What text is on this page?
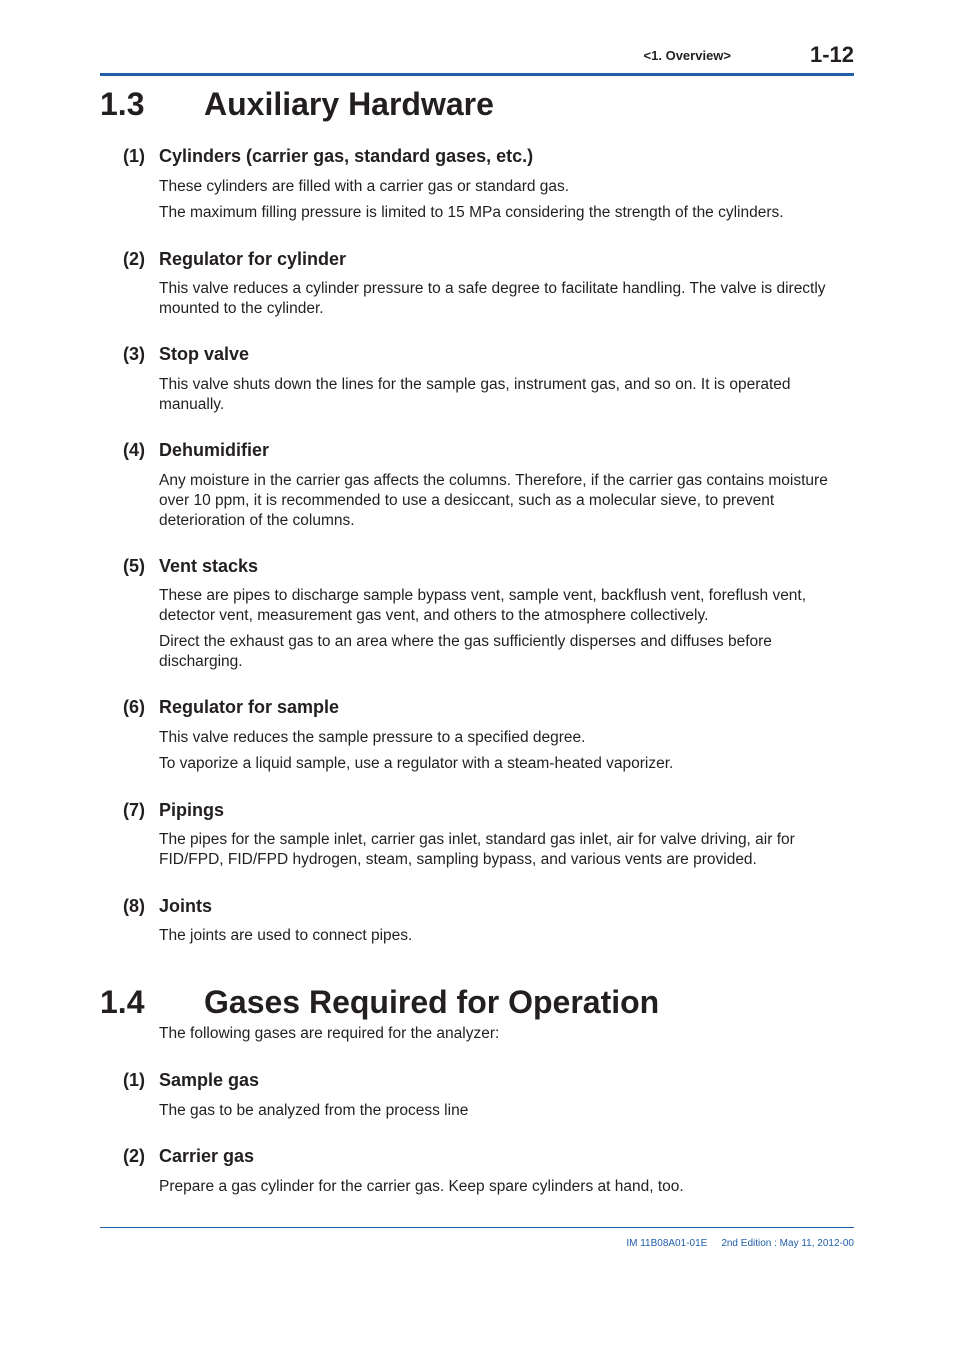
<1. Overview>	1-12
1.3 Auxiliary Hardware
(1) Cylinders (carrier gas, standard gases, etc.)

These cylinders are filled with a carrier gas or standard gas.

The maximum filling pressure is limited to 15 MPa considering the strength of the cylinders.

(2) Regulator for cylinder

This valve reduces a cylinder pressure to a safe degree to facilitate handling. The valve is directly mounted to the cylinder.

(3) Stop valve

This valve shuts down the lines for the sample gas, instrument gas, and so on. It is operated manually.

(4) Dehumidifier

Any moisture in the carrier gas affects the columns. Therefore, if the carrier gas contains moisture over 10 ppm, it is recommended to use a desiccant, such as a molecular sieve, to prevent deterioration of the columns.

(5) Vent stacks

These are pipes to discharge sample bypass vent, sample vent, backflush vent, foreflush vent, detector vent, measurement gas vent, and others to the atmosphere collectively.

Direct the exhaust gas to an area where the gas sufficiently disperses and diffuses before discharging.

(6) Regulator for sample

This valve reduces the sample pressure to a specified degree.

To vaporize a liquid sample, use a regulator with a steam-heated vaporizer.

(7) Pipings

The pipes for the sample inlet, carrier gas inlet, standard gas inlet, air for valve driving, air for FID/FPD, FID/FPD hydrogen, steam, sampling bypass, and various vents are provided.

(8) Joints

The joints are used to connect pipes.

1.4 Gases Required for Operation

The following gases are required for the analyzer:

(1) Sample gas

The gas to be analyzed from the process line

(2) Carrier gas

Prepare a gas cylinder for the carrier gas. Keep spare cylinders at hand, too.

IM 11B08A01-01E 2nd Edition : May 11, 2012-00
